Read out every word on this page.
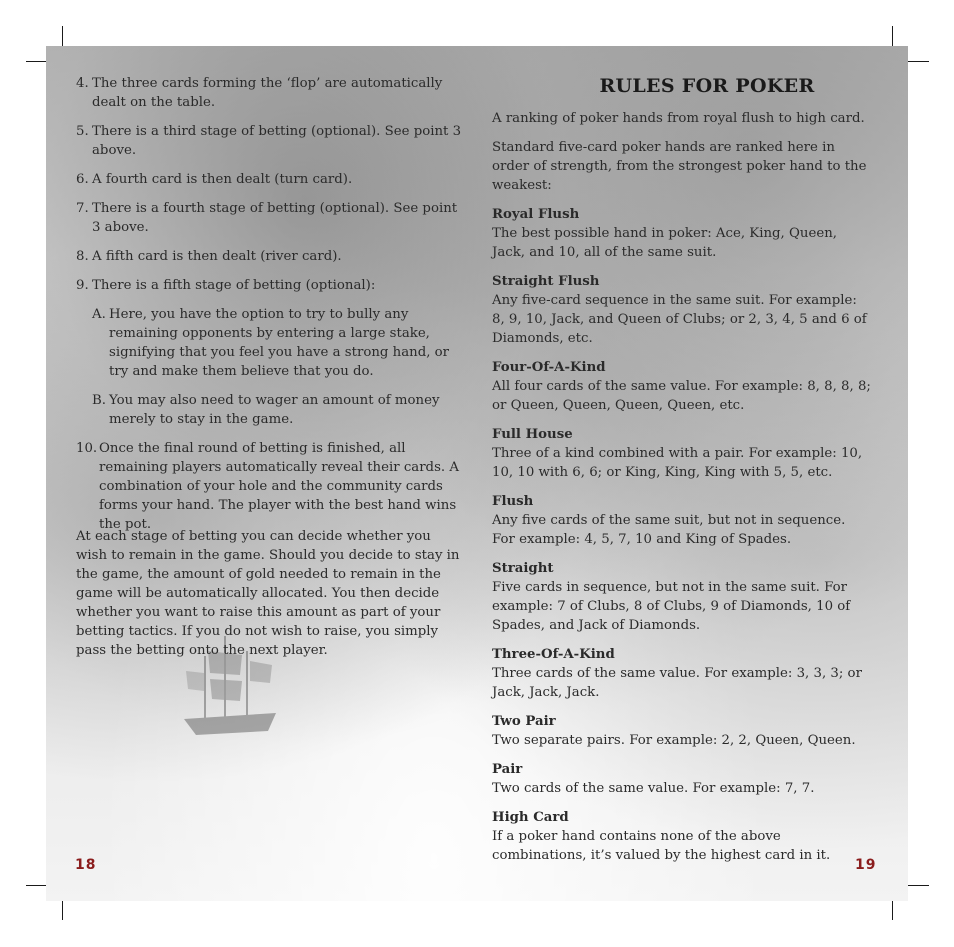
4. The three cards forming the ‘flop’ are automatically dealt on the table.
5. There is a third stage of betting (optional). See point 3 above.
6. A fourth card is then dealt (turn card).
7. There is a fourth stage of betting (optional). See point 3 above.
8. A fifth card is then dealt (river card).
9. There is a fifth stage of betting (optional):
A. Here, you have the option to try to bully any remaining opponents by entering a large stake, signifying that you feel you have a strong hand, or try and make them believe that you do.
B. You may also need to wager an amount of money merely to stay in the game.
10. Once the final round of betting is finished, all remaining players automatically reveal their cards. A combination of your hole and the community cards forms your hand. The player with the best hand wins the pot.

At each stage of betting you can decide whether you wish to remain in the game. Should you decide to stay in the game, the amount of gold needed to remain in the game will be automatically allocated. You then decide whether you want to raise this amount as part of your betting tactics. If you do not wish to raise, you simply pass the betting onto the next player.

18
RULES FOR POKER

A ranking of poker hands from royal flush to high card.

Standard five-card poker hands are ranked here in order of strength, from the strongest poker hand to the weakest:

Royal Flush
The best possible hand in poker: Ace, King, Queen, Jack, and 10, all of the same suit.
Straight Flush
Any five-card sequence in the same suit. For example: 8, 9, 10, Jack, and Queen of Clubs; or 2, 3, 4, 5 and 6 of Diamonds, etc.
Four-Of-A-Kind
All four cards of the same value. For example: 8, 8, 8, 8; or Queen, Queen, Queen, Queen, etc.
Full House
Three of a kind combined with a pair. For example: 10, 10, 10 with 6, 6; or King, King, King with 5, 5, etc.
Flush
Any five cards of the same suit, but not in sequence. For example: 4, 5, 7, 10 and King of Spades.
Straight
Five cards in sequence, but not in the same suit. For example: 7 of Clubs, 8 of Clubs, 9 of Diamonds, 10 of Spades, and Jack of Diamonds.
Three-Of-A-Kind
Three cards of the same value. For example: 3, 3, 3; or Jack, Jack, Jack.
Two Pair
Two separate pairs. For example: 2, 2, Queen, Queen.
Pair
Two cards of the same value. For example: 7, 7.
High Card
If a poker hand contains none of the above combinations, it’s valued by the highest card in it.
19
